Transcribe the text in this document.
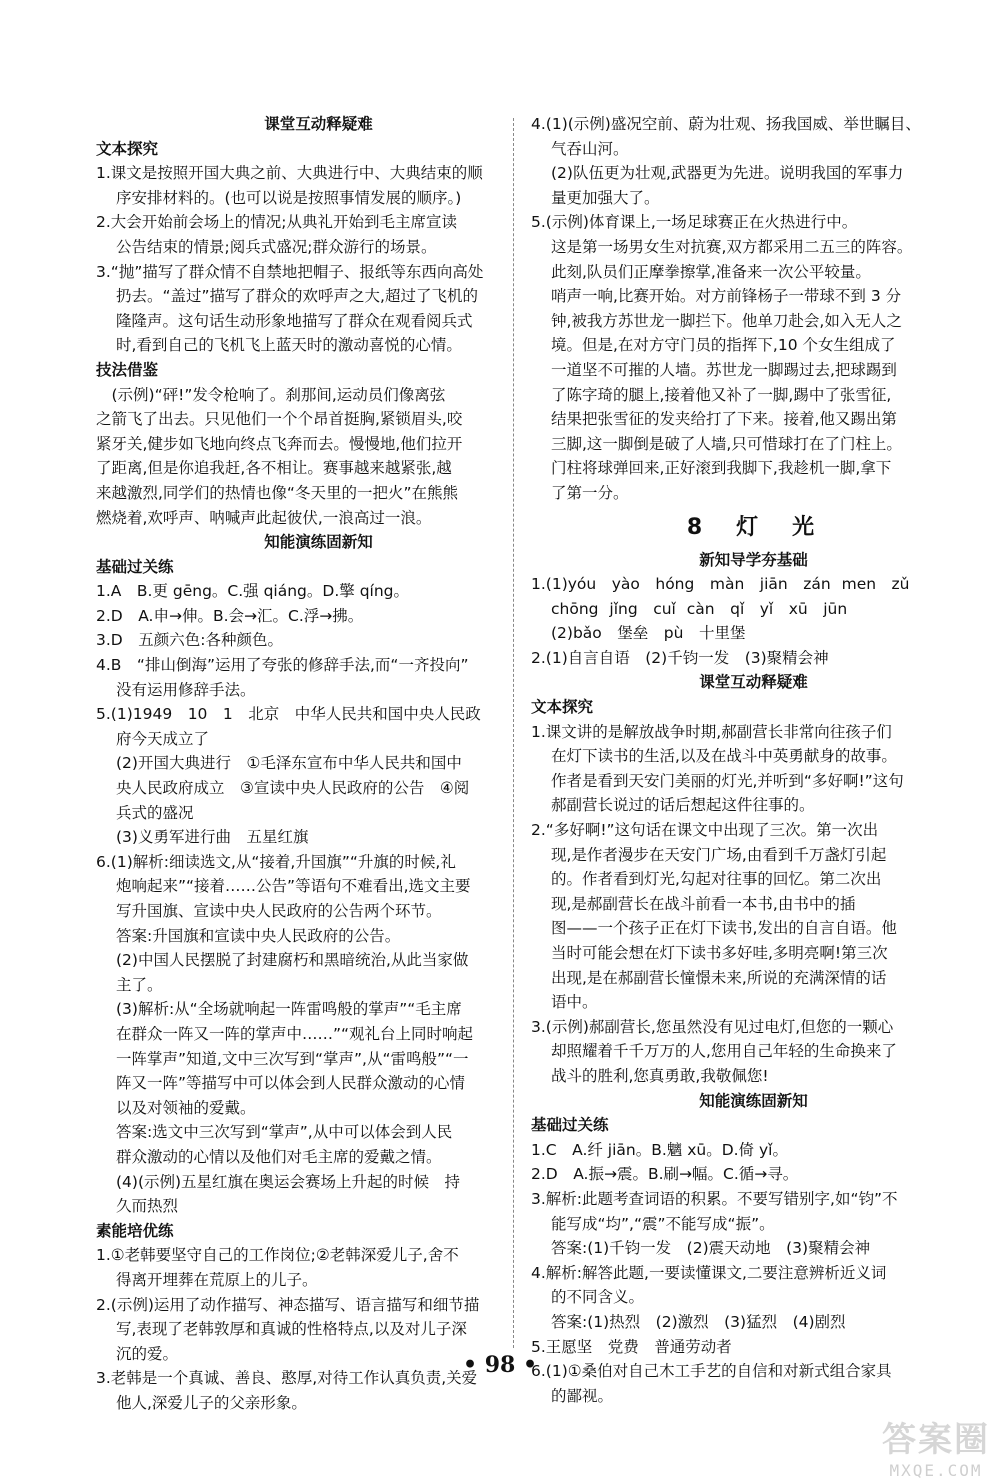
课堂互动释疑难
文本探究
1.课文是按照开国大典之前、大典进行中、大典结束的顺
序安排材料的。(也可以说是按照事情发展的顺序。)
2.大会开始前会场上的情况;从典礼开始到毛主席宣读
公告结束的情景;阅兵式盛况;群众游行的场景。
3.“抛”描写了群众情不自禁地把帽子、报纸等东西向高处
扔去。“盖过”描写了群众的欢呼声之大,超过了飞机的
隆隆声。这句话生动形象地描写了群众在观看阅兵式
时,看到自己的飞机飞上蓝天时的激动喜悦的心情。
技法借鉴
　(示例)“砰!”发令枪响了。刹那间,运动员们像离弦
之箭飞了出去。只见他们一个个昂首挺胸,紧锁眉头,咬
紧牙关,健步如飞地向终点飞奔而去。慢慢地,他们拉开
了距离,但是你追我赶,各不相让。赛事越来越紧张,越
来越激烈,同学们的热情也像“冬天里的一把火”在熊熊
燃烧着,欢呼声、呐喊声此起彼伏,一浪高过一浪。
知能演练固新知
基础过关练
1.A　B.更 gēng。C.强 qiáng。D.擎 qíng。
2.D　A.申→伸。B.会→汇。C.浮→拂。
3.D　五颜六色:各种颜色。
4.B　“排山倒海”运用了夸张的修辞手法,而“一齐投向”
没有运用修辞手法。
5.(1)1949　10　1　北京　中华人民共和国中央人民政
府今天成立了
(2)开国大典进行　①毛泽东宣布中华人民共和国中
央人民政府成立　③宣读中央人民政府的公告　④阅
兵式的盛况
(3)义勇军进行曲　五星红旗
6.(1)解析:细读选文,从“接着,升国旗”“升旗的时候,礼
炮响起来”“接着……公告”等语句不难看出,选文主要
写升国旗、宣读中央人民政府的公告两个环节。
答案:升国旗和宣读中央人民政府的公告。
(2)中国人民摆脱了封建腐朽和黑暗统治,从此当家做
主了。
(3)解析:从“全场就响起一阵雷鸣般的掌声”“毛主席
在群众一阵又一阵的掌声中……”“观礼台上同时响起
一阵掌声”知道,文中三次写到“掌声”,从“雷鸣般”“一
阵又一阵”等描写中可以体会到人民群众激动的心情
以及对领袖的爱戴。
答案:选文中三次写到“掌声”,从中可以体会到人民
群众激动的心情以及他们对毛主席的爱戴之情。
(4)(示例)五星红旗在奥运会赛场上升起的时候　持
久而热烈
素能培优练
1.①老韩要坚守自己的工作岗位;②老韩深爱儿子,舍不
得离开埋葬在荒原上的儿子。
2.(示例)运用了动作描写、神态描写、语言描写和细节描
写,表现了老韩敦厚和真诚的性格特点,以及对儿子深
沉的爱。
3.老韩是一个真诚、善良、憨厚,对待工作认真负责,关爱
他人,深爱儿子的父亲形象。
4.(1)(示例)盛况空前、蔚为壮观、扬我国威、举世瞩目、
气吞山河。
(2)队伍更为壮观,武器更为先进。说明我国的军事力
量更加强大了。
5.(示例)体育课上,一场足球赛正在火热进行中。
这是第一场男女生对抗赛,双方都采用二五三的阵容。
此刻,队员们正摩拳擦掌,准备来一次公平较量。
哨声一响,比赛开始。对方前锋杨子一带球不到 3 分
钟,被我方苏世龙一脚拦下。他单刀赴会,如入无人之
境。但是,在对方守门员的指挥下,10 个女生组成了
一道坚不可摧的人墙。苏世龙一脚踢过去,把球踢到
了陈字琦的腿上,接着他又补了一脚,踢中了张雪征,
结果把张雪征的发夹给打了下来。接着,他又踢出第
三脚,这一脚倒是破了人墙,只可惜球打在了门柱上。
门柱将球弹回来,正好滚到我脚下,我趁机一脚,拿下
了第一分。
8　灯　光
新知导学夯基础
1.(1)yóu　yào　hóng　màn　jiān　zán men　zǔ
chōng jǐng　cuǐ càn　qǐ　yǐ　xū　jūn
(2)bǎo　堡垒　pù　十里堡
2.(1)自言自语　(2)千钧一发　(3)聚精会神
课堂互动释疑难
文本探究
1.课文讲的是解放战争时期,郝副营长非常向往孩子们
在灯下读书的生活,以及在战斗中英勇献身的故事。
作者是看到天安门美丽的灯光,并听到“多好啊!”这句
郝副营长说过的话后想起这件往事的。
2.“多好啊!”这句话在课文中出现了三次。第一次出
现,是作者漫步在天安门广场,由看到千万盏灯引起
的。作者看到灯光,勾起对往事的回忆。第二次出
现,是郝副营长在战斗前看一本书,由书中的插
图——一个孩子正在灯下读书,发出的自言自语。他
当时可能会想在灯下读书多好哇,多明亮啊!第三次
出现,是在郝副营长憧憬未来,所说的充满深情的话
语中。
3.(示例)郝副营长,您虽然没有见过电灯,但您的一颗心
却照耀着千千万万的人,您用自己年轻的生命换来了
战斗的胜利,您真勇敢,我敬佩您!
知能演练固新知
基础过关练
1.C　A.纤 jiān。B.魑 xū。D.倚 yǐ。
2.D　A.振→震。B.刷→幅。C.循→寻。
3.解析:此题考查词语的积累。不要写错别字,如“钧”不
能写成“均”,“震”不能写成“振”。
答案:(1)千钧一发　(2)震天动地　(3)聚精会神
4.解析:解答此题,一要读懂课文,二要注意辨析近义词
的不同含义。
答案:(1)热烈　(2)激烈　(3)猛烈　(4)剧烈
5.王愿坚　党费　普通劳动者
6.(1)①桑伯对自己木工手艺的自信和对新式组合家具
的鄙视。
• 98 •
答案圈
MXQE.COM
